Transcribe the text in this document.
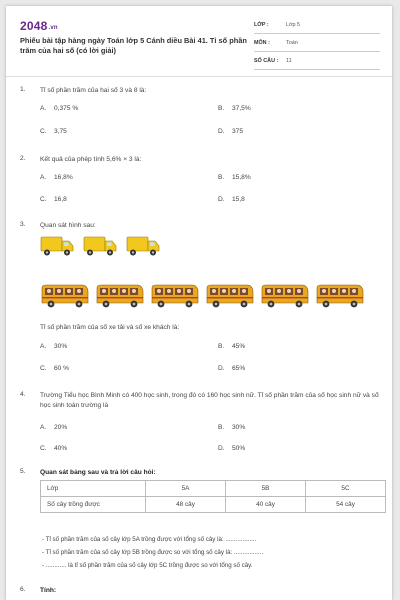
2048.vn
Phiếu bài tập hàng ngày Toán lớp 5 Cánh diều Bài 41. Tỉ số phần trăm của hai số (có lời giải)
LỚP :	Lớp 5
MÔN :	Toán
SỐ CÂU : 11
1. Tỉ số phần trăm của hai số 3 và 8 là:
A. 0,375 %	B. 37,5%
C. 3,75	D. 375
2. Kết quả của phép tính 5,6% × 3 là:
A. 16,8%	B. 15,8%
C. 16,8	D. 15,8
3. Quan sát hình sau:
Tỉ số phần trăm của số xe tải và số xe khách là:
A. 30%	B. 45%
C. 60 %	D. 65%
4. Trường Tiểu học Bình Minh có 400 học sinh, trong đó có 160 học sinh nữ. Tỉ số phần trăm của số học sinh nữ và số học sinh toàn trường là
A. 20%	B. 30%
C. 40%	D. 50%
5. Quan sát bảng sau và trả lời câu hỏi:
Lớp	5A	5B	5C
Số cây trồng được	48 cây	40 cây	54 cây
- Tỉ số phần trăm của số cây lớp 5A trồng được với tổng số cây là: ..................
- Tỉ số phần trăm của số cây lớp 5B trồng được so với tổng số cây là: .................
- ............ là tỉ số phần trăm của số cây lớp 5C trồng được so với tổng số cây.
6. Tính:
